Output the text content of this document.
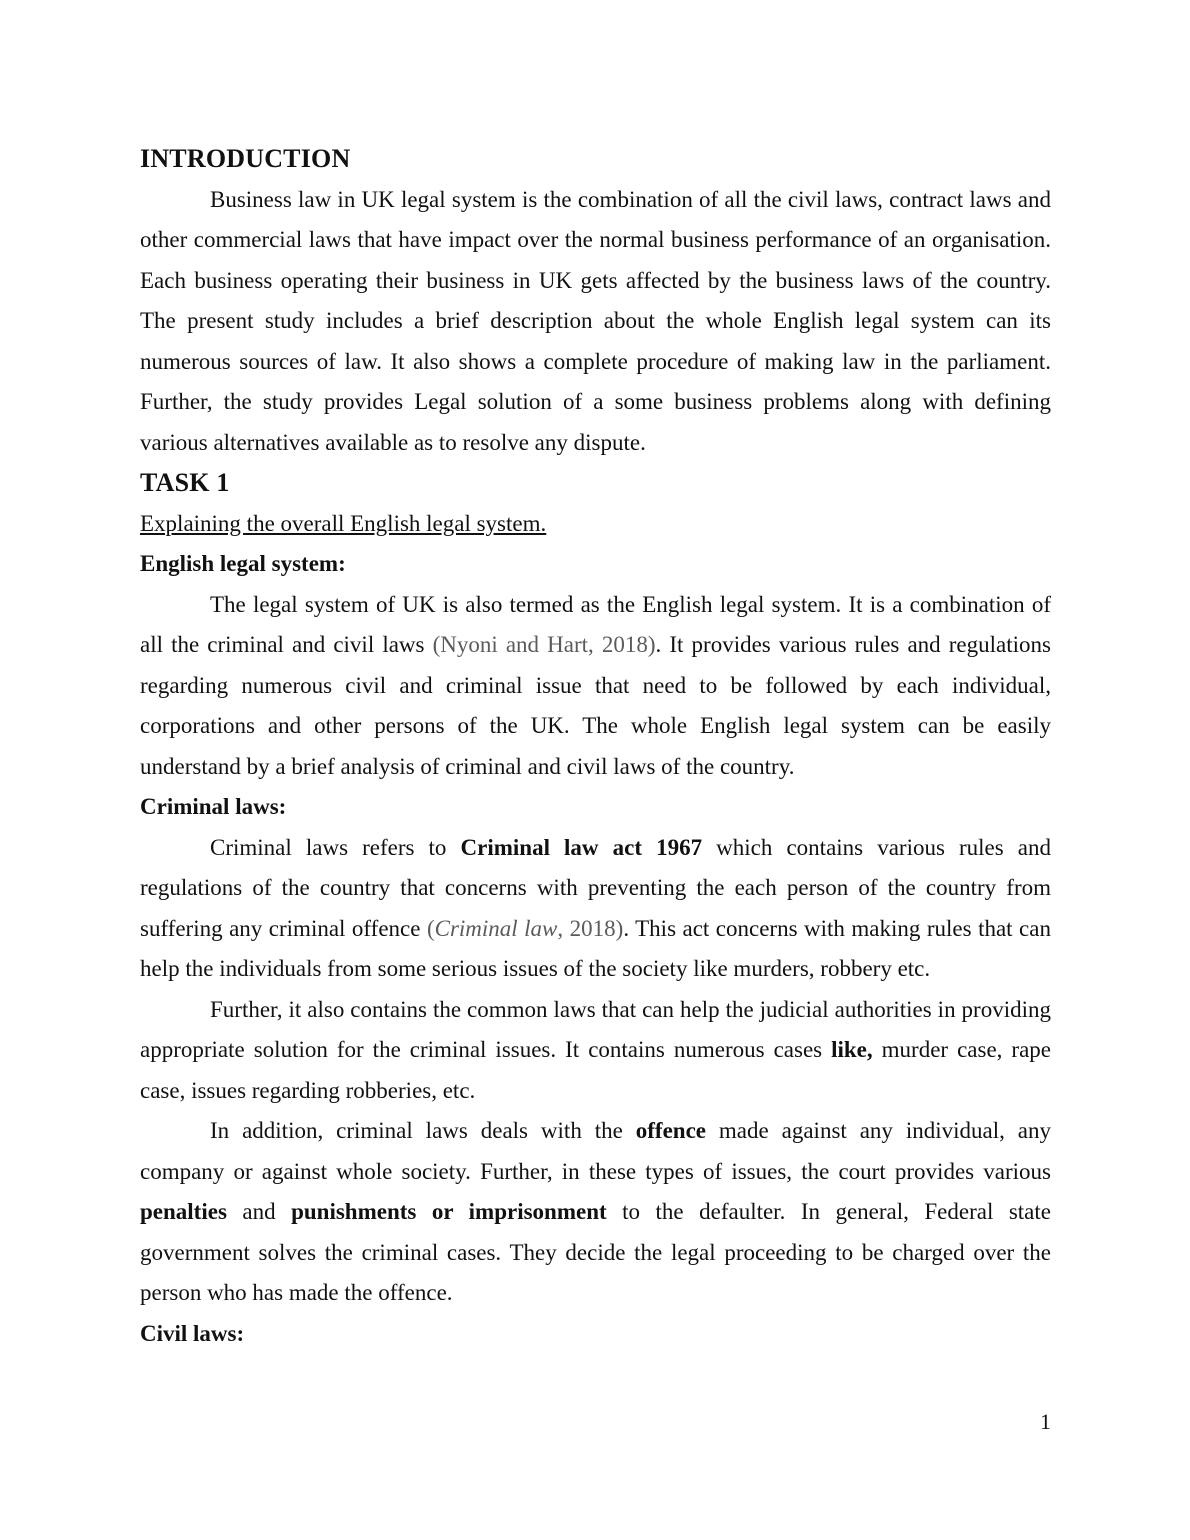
INTRODUCTION

Business law in UK legal system is the combination of all the civil laws, contract laws and other commercial laws that have impact over the normal business performance of an organisation. Each business operating their business in UK gets affected by the business laws of the country. The present study includes a brief description about the whole English legal system can its numerous sources of law. It also shows a complete procedure of making law in the parliament. Further, the study provides Legal solution of a some business problems along with defining various alternatives available as to resolve any dispute.

TASK 1

Explaining the overall English legal system.

English legal system:

The legal system of UK is also termed as the English legal system. It is a combination of all the criminal and civil laws (Nyoni and Hart, 2018). It provides various rules and regulations regarding numerous civil and criminal issue that need to be followed by each individual, corporations and other persons of the UK. The whole English legal system can be easily understand by a brief analysis of criminal and civil laws of the country.

Criminal laws:

Criminal laws refers to Criminal law act 1967 which contains various rules and regulations of the country that concerns with preventing the each person of the country from suffering any criminal offence (Criminal law, 2018). This act concerns with making rules that can help the individuals from some serious issues of the society like murders, robbery etc.

Further, it also contains the common laws that can help the judicial authorities in providing appropriate solution for the criminal issues. It contains numerous cases like, murder case, rape case, issues regarding robberies, etc.

In addition, criminal laws deals with the offence made against any individual, any company or against whole society. Further, in these types of issues, the court provides various penalties and punishments or imprisonment to the defaulter. In general, Federal state government solves the criminal cases. They decide the legal proceeding to be charged over the person who has made the offence.

Civil laws:
1
